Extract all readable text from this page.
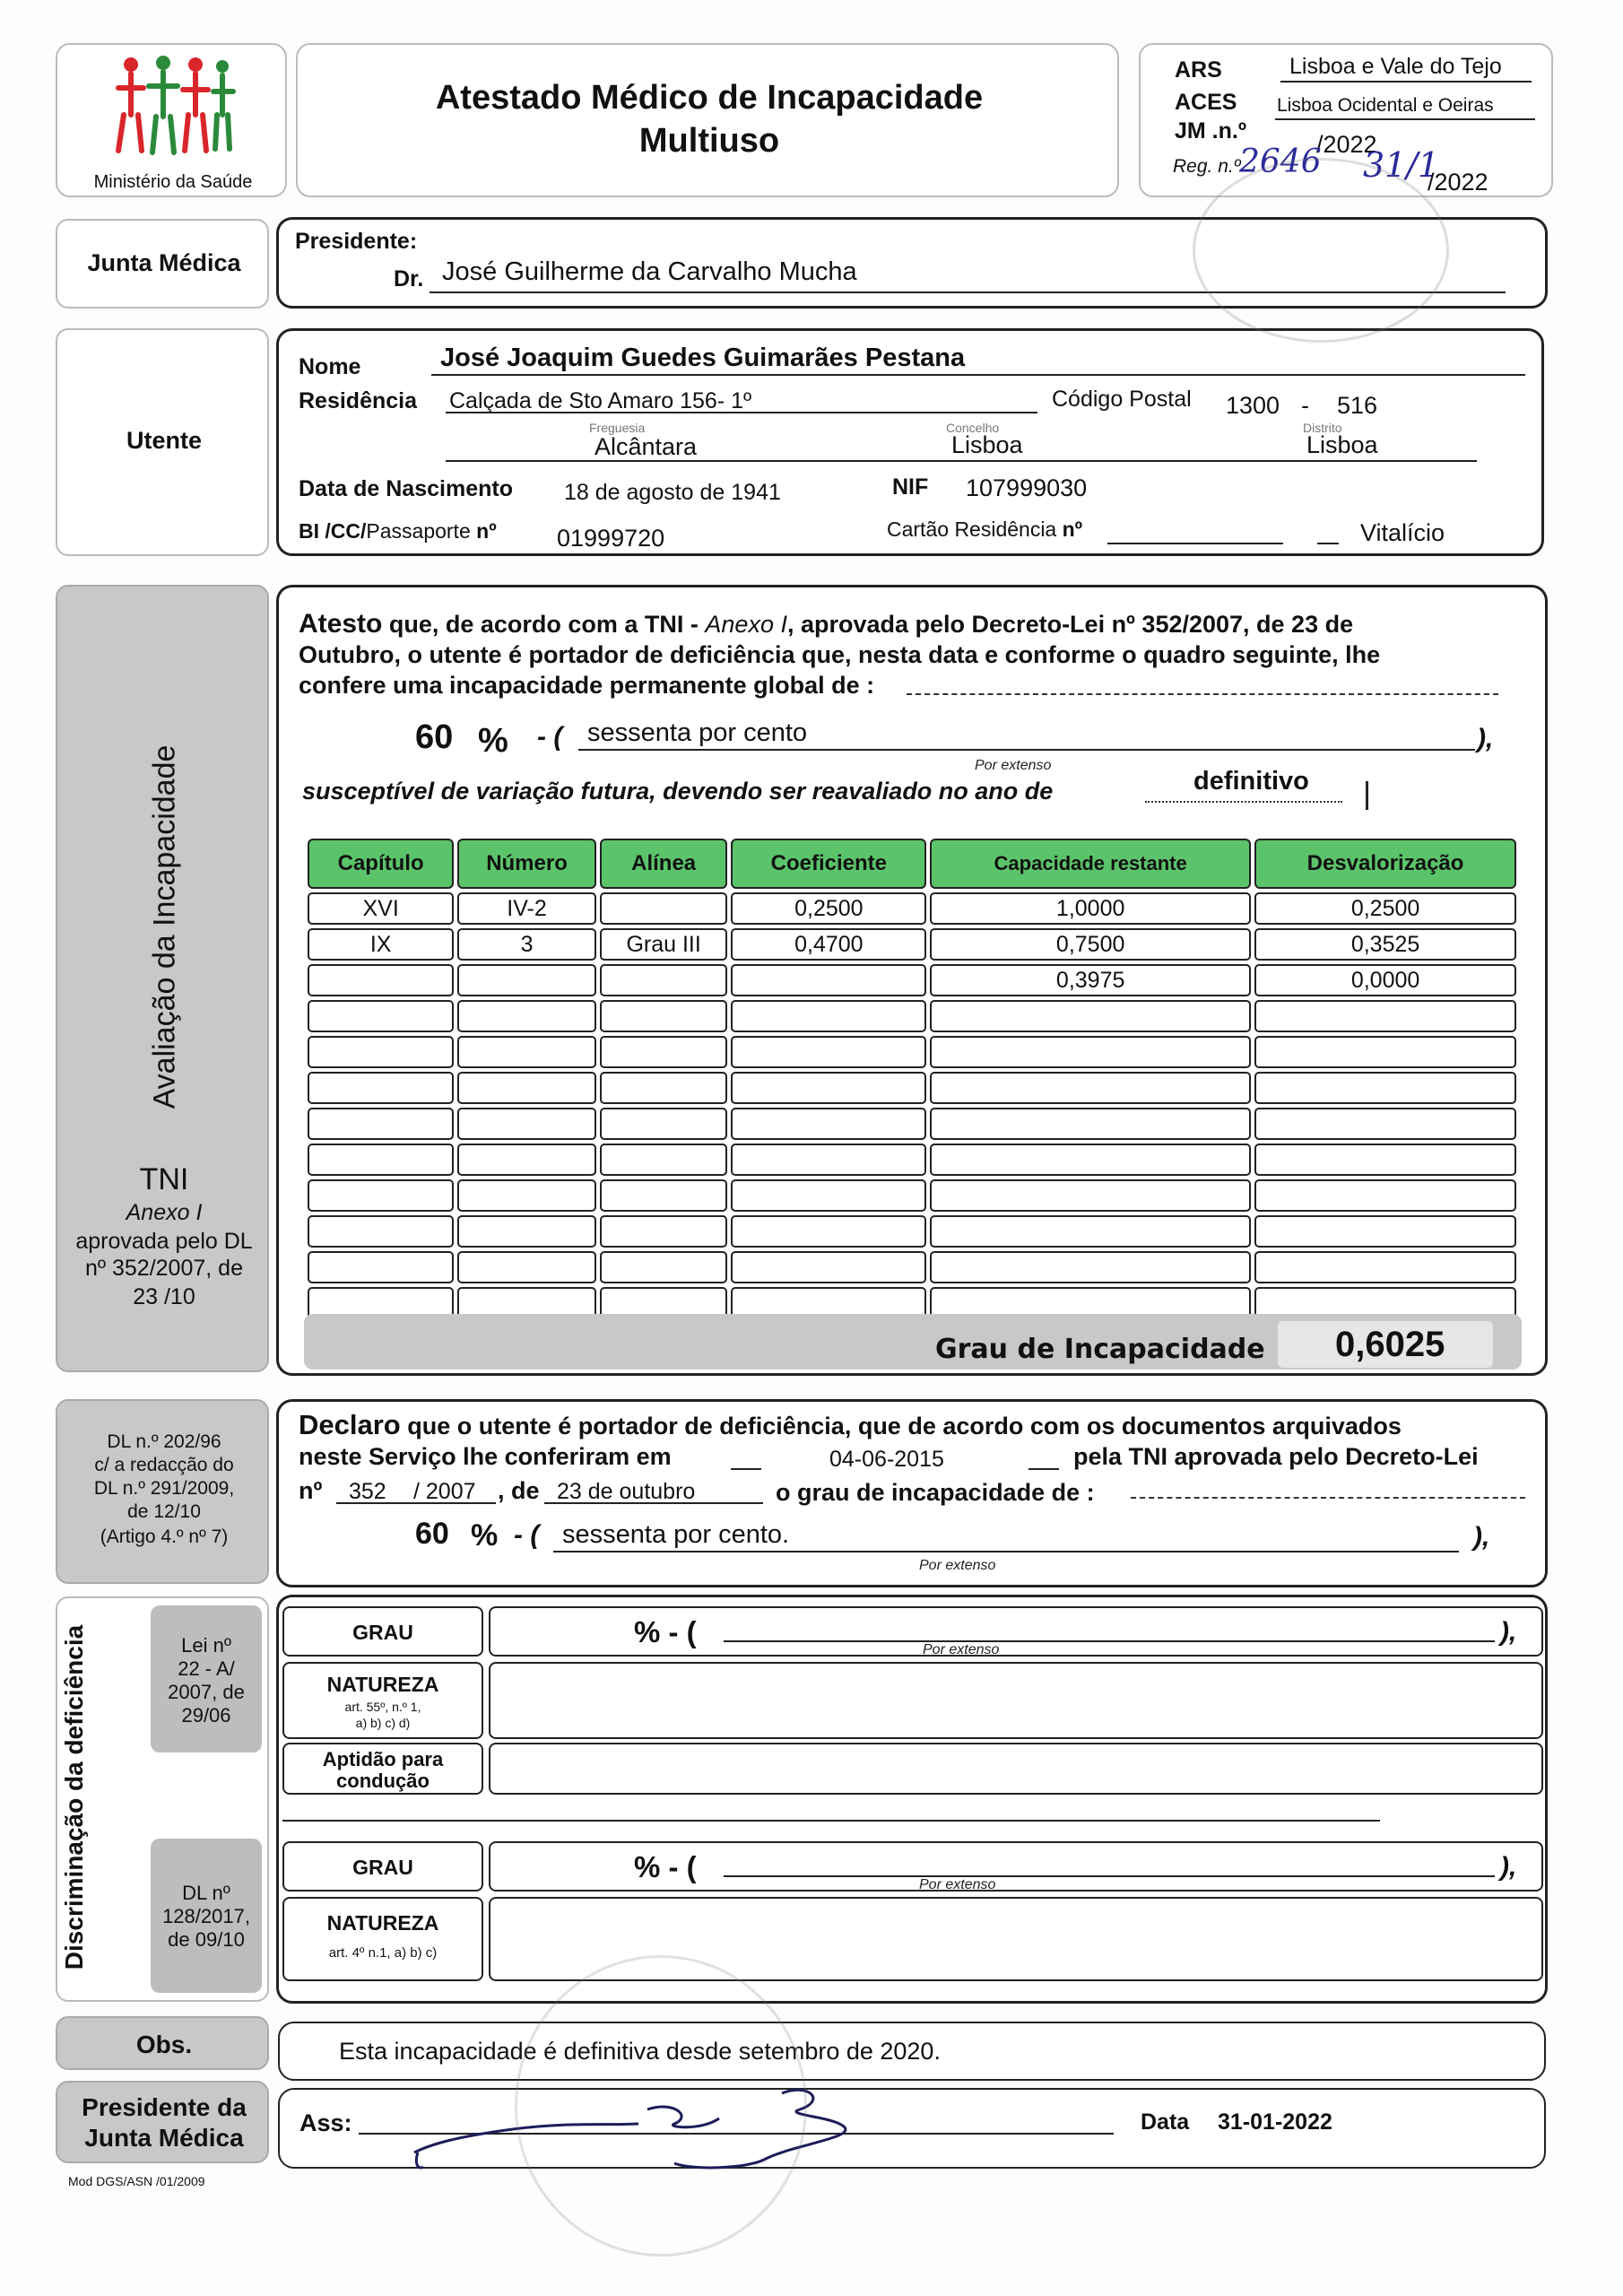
Ministério da Saúde
Atestado Médico de Incapacidade
Multiuso
ARS	Lisboa e Vale do Tejo
ACES Lisboa Ocidental e Oeiras
JM .n.º	/2022
Reg. n.º
2646 31/1
/2022
Junta Médica
Presidente:
Dr. José Guilherme da Carvalho Mucha
Utente
Nome	José Joaquim Guedes Guimarães Pestana
Residência Calçada de Sto Amaro 156- 1º	Código Postal 1300 - 516
Freguesia
Alcântara
Concelho
Lisboa
Distrito
Lisboa
Data de Nascimento 18 de agosto de 1941	NIF 107999030
BI /CC/Passaporte nº 01999720	Cartão Residência nº	Vitalício
Avaliação da Incapacidade
TNI
Anexo I
aprovada pelo DL
nº 352/2007, de
23 /10
Atesto que, de acordo com a TNI - Anexo I, aprovada pelo Decreto-Lei nº 352/2007, de 23 de
Outubro, o utente é portador de deficiência que, nesta data e conforme o quadro seguinte, lhe
confere uma incapacidade permanente global de :
60 % - ( sessenta por cento	),
Por extenso
susceptível de variação futura, devendo ser reavaliado no ano de	definitivo
Capítulo	Número	Alínea	Coeficiente	Capacidade restante	Desvalorização
XVI	IV-2		0,2500	1,0000	0,2500
IX	3	Grau III	0,4700	0,7500	0,3525
				0,3975	0,0000

Grau de Incapacidade 0,6025
DL n.º 202/96
c/ a redacção do
DL n.º 291/2009,
de 12/10
(Artigo 4.º nº 7)
Declaro que o utente é portador de deficiência, que de acordo com os documentos arquivados
neste Serviço lhe conferiram em	04-06-2015	pela TNI aprovada pelo Decreto-Lei
nº 352 / 2007 , de 23 de outubro	o grau de incapacidade de :
60 % - ( sessenta por cento.	),
Por extenso
Discriminação da deficiência	Lei nº
22 - A/
2007, de
29/06
DL nº
128/2017,
de 09/10
GRAU	% - (	),
Por extenso
NATUREZA
art. 55º, n.º 1,
a) b) c) d)
Aptidão para
condução
GRAU	% - (	),
Por extenso
NATUREZA
art. 4º n.1, a) b) c)
Obs.	Esta incapacidade é definitiva desde setembro de 2020.
Presidente da
Junta Médica
Ass:	Data 31-01-2022
Mod DGS/ASN /01/2009
